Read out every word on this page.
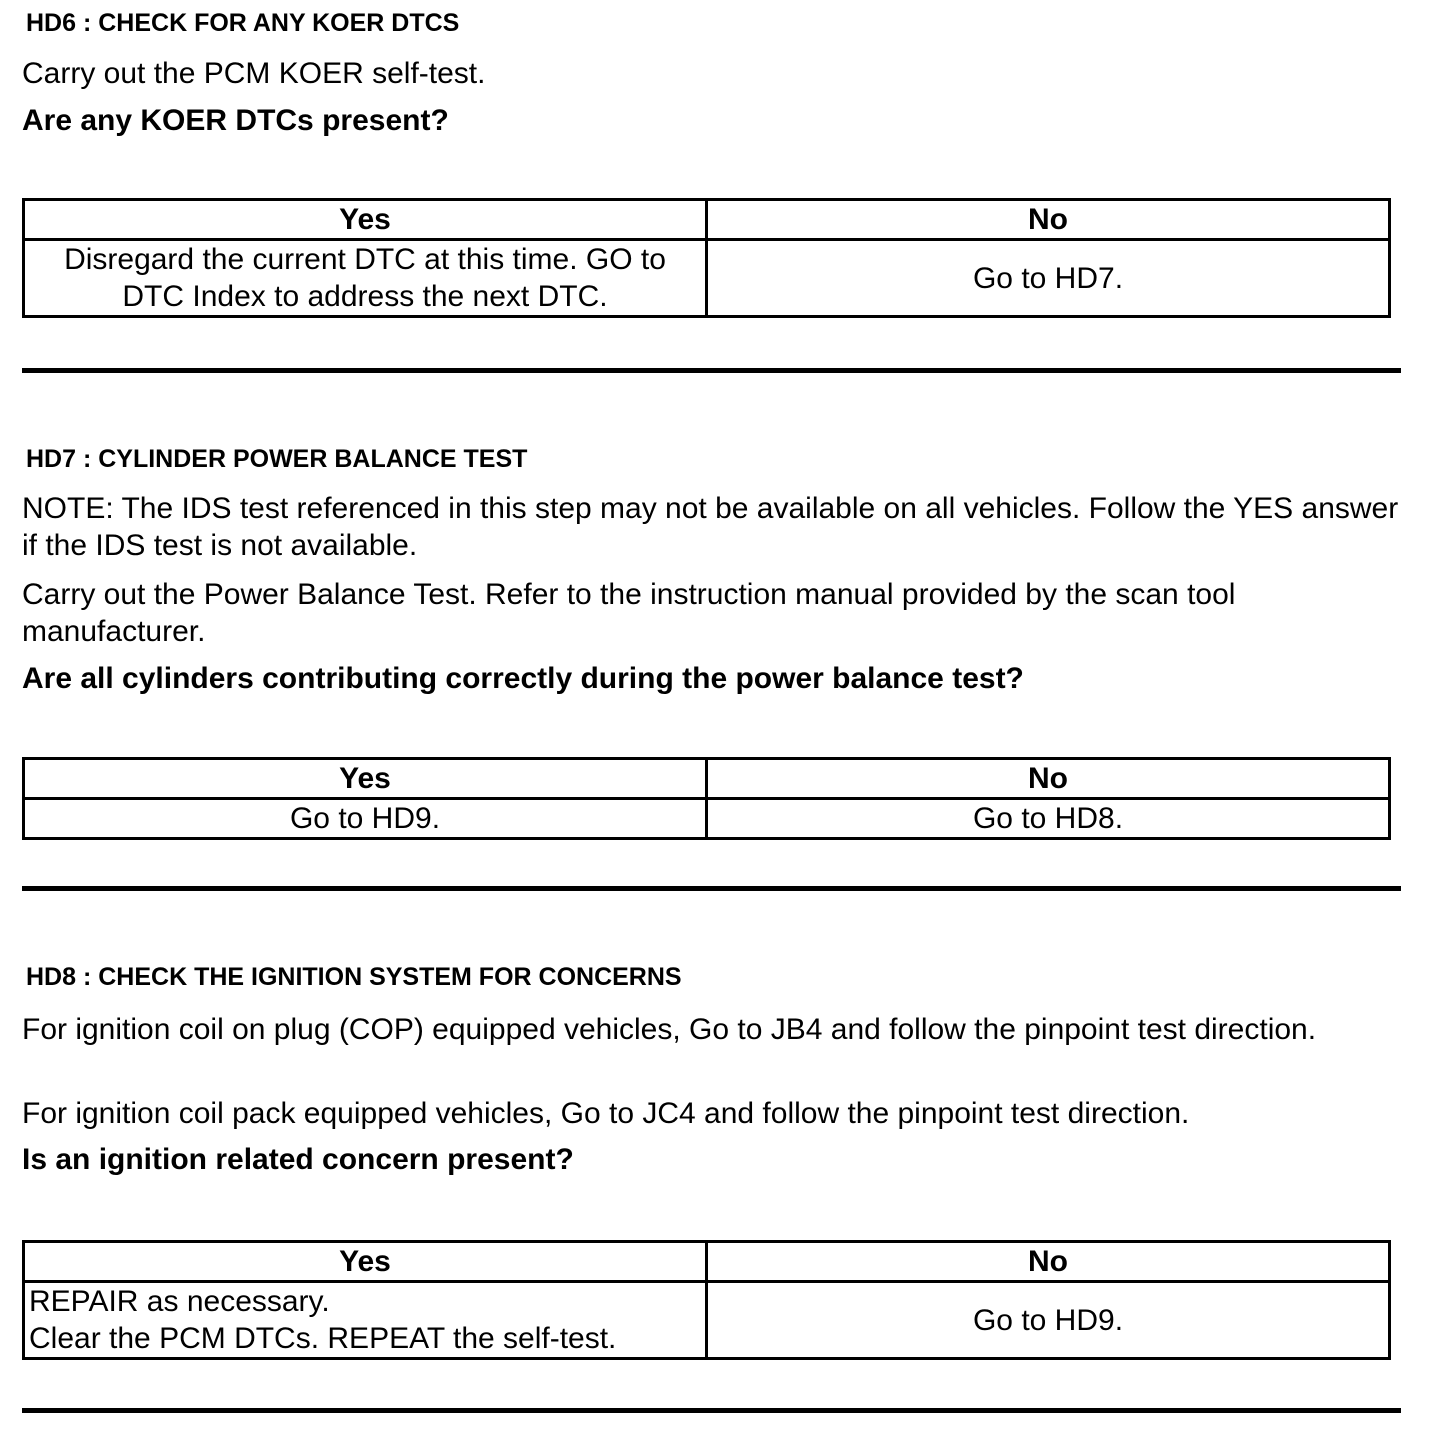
HD6 : CHECK FOR ANY KOER DTCS
Carry out the PCM KOER self-test.
Are any KOER DTCs present?
Yes	No

Disregard the current DTC at this time. GO to
DTC Index to address the next DTC.	Go to HD7.
HD7 : CYLINDER POWER BALANCE TEST
NOTE: The IDS test referenced in this step may not be available on all vehicles. Follow the YES answer if the IDS test is not available.
Carry out the Power Balance Test. Refer to the instruction manual provided by the scan tool manufacturer.
Are all cylinders contributing correctly during the power balance test?
Yes	No
Go to HD9.	Go to HD8.
HD8 : CHECK THE IGNITION SYSTEM FOR CONCERNS
For ignition coil on plug (COP) equipped vehicles, Go to JB4 and follow the pinpoint test direction.
For ignition coil pack equipped vehicles, Go to JC4 and follow the pinpoint test direction.
Is an ignition related concern present?
Yes	No

REPAIR as necessary.
Clear the PCM DTCs. REPEAT the self-test.	Go to HD9.
